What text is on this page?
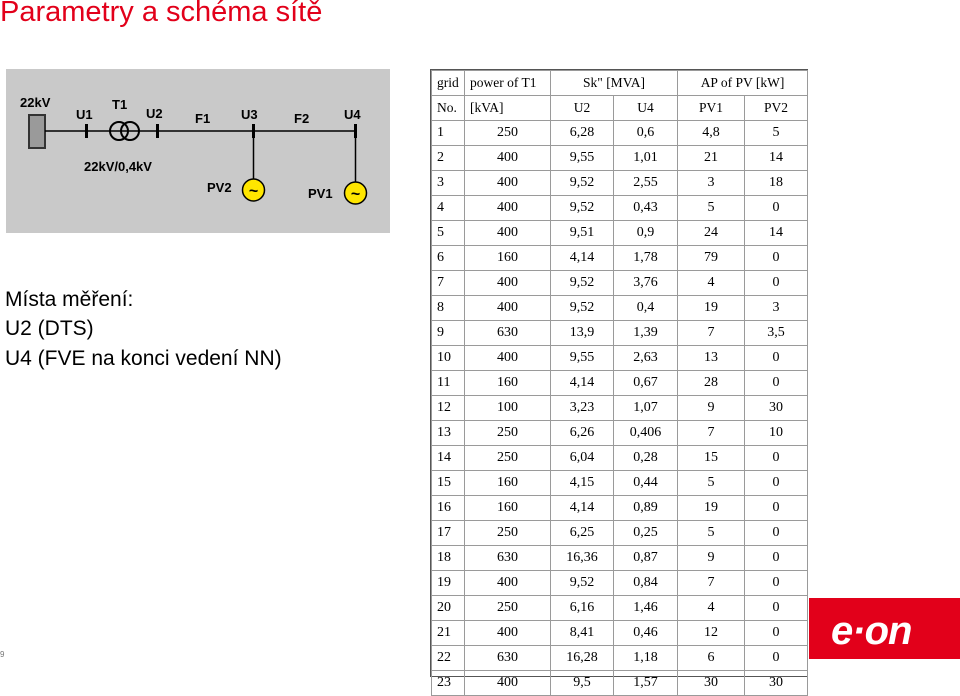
Parametry a schéma sítě
~	~
22kV
U1
T1
U2 F1 U3	F2	U4
22kV/0,4kV
PV2	PV1
Místa měření:
U2 (DTS)
U4 (FVE na konci vedení NN)
grid	power of T1	Sk" [MVA]		AP of PV [kW]	
No.	[kVA]	U2	U4	PV1	PV2
1	250	6,28	0,6	4,8	5
2	400	9,55	1,01	21	14
3	400	9,52	2,55	3	18
4	400	9,52	0,43	5	0
5	400	9,51	0,9	24	14
6	160	4,14	1,78	79	0
7	400	9,52	3,76	4	0
8	400	9,52	0,4	19	3
9	630	13,9	1,39	7	3,5
10	400	9,55	2,63	13	0
11	160	4,14	0,67	28	0
12	100	3,23	1,07	9	30
13	250	6,26	0,406	7	10
14	250	6,04	0,28	15	0
15	160	4,15	0,44	5	0
16	160	4,14	0,89	19	0
17	250	6,25	0,25	5	0
18	630	16,36	0,87	9	0
19	400	9,52	0,84	7	0
20	250	6,16	1,46	4	0
21	400	8,41	0,46	12	0
22	630	16,28	1,18	6	0
23	400	9,5	1,57	30	30
e·on
9
